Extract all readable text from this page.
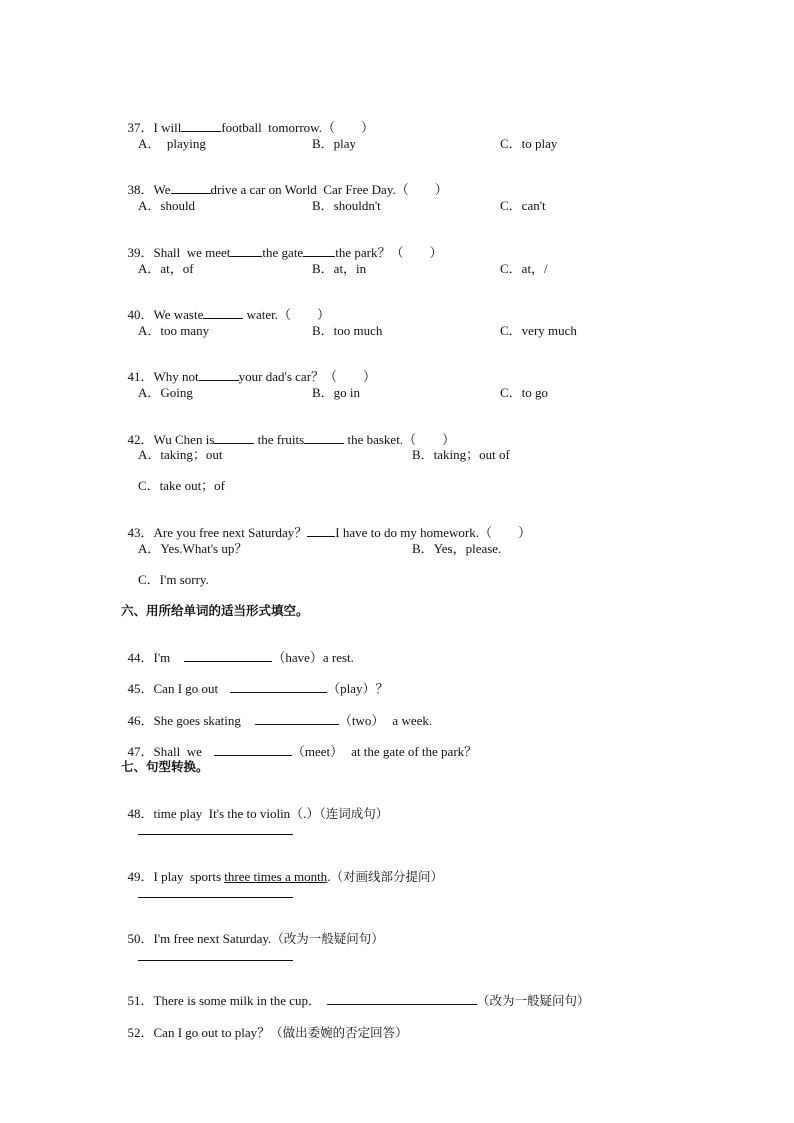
37．I will	football  tomorrow.（        ）

A．  playing	B．play	C．to play

38．We	drive a car on World  Car Free Day.（        ）

A．should	B．shouldn't	C．can't

39．Shall  we meet the gate the park？（        ）

A．at，of	B．at，in	C．at，/

40．We waste	water.（        ）

A．too many	B．too much	C．very much

41．Why not	your dad's car？（        ）

A．Going	B．go in	C．to go

42．Wu Chen is	the fruits	the basket.（        ）

A．taking；out	B．taking；out of
C．take out；of

43．Are you free next Saturday？ I have to do my homework.（        ）

A．Yes.What's up？	B．Yes，please.
C．I'm sorry.
六、用所给单词的适当形式填空。

44．I'm	（have）a rest.

45．Can I go out	（play）？

46．She goes skating	（two） a week.

47．Shall  we	（meet） at the gate of the park？

七、句型转换。

48．time play  It's the to violin（.）（连词成句）

49．I play  sports three times a month.（对画线部分提问）

50．I'm free next Saturday.（改为一般疑问句）

51．There is some milk in the cup．	（改为一般疑问句）

52．Can I go out to play？（做出委婉的否定回答）
